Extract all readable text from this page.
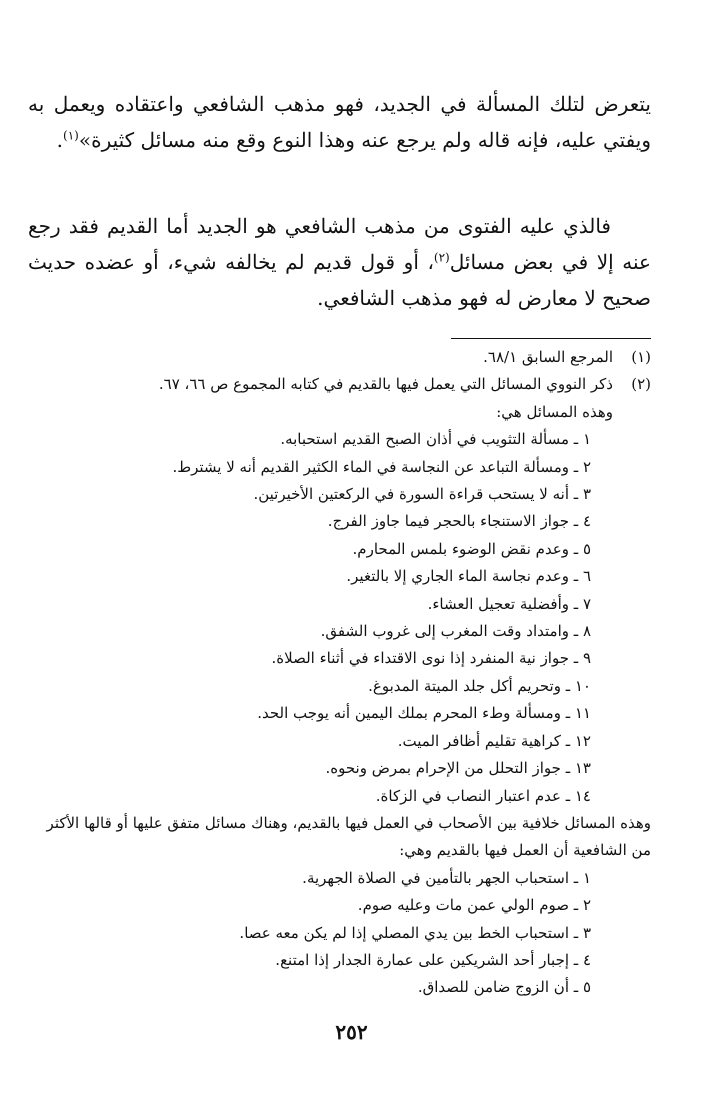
يتعرض لتلك المسألة في الجديد، فهو مذهب الشافعي واعتقاده ويعمل به ويفتي عليه، فإنه قاله ولم يرجع عنه وهذا النوع وقع منه مسائل كثيرة»$^{(١)}$.

  فالذي عليه الفتوى من مذهب الشافعي هو الجديد أما القديم فقد رجع عنه إلا في بعض مسائل$^{(٢)}$، أو قول قديم لم يخالفه شيء، أو عضده حديث صحيح لا معارض له فهو مذهب الشافعي.

(١)
المرجع السابق ٦٨/١.
(٢)
ذكر النووي المسائل التي يعمل فيها بالقديم في كتابه المجموع ص ٦٦، ٦٧.
وهذه المسائل هي:
١ ـ مسألة التثويب في أذان الصبح القديم استحبابه.
٢ ـ ومسألة التباعد عن النجاسة في الماء الكثير القديم أنه لا يشترط.
٣ ـ أنه لا يستحب قراءة السورة في الركعتين الأخيرتين.
٤ ـ جواز الاستنجاء بالحجر فيما جاوز الفرج.
٥ ـ وعدم نقض الوضوء بلمس المحارم.
٦ ـ وعدم نجاسة الماء الجاري إلا بالتغير.
٧ ـ وأفضلية تعجيل العشاء.
٨ ـ وامتداد وقت المغرب إلى غروب الشفق.
٩ ـ جواز نية المنفرد إذا نوى الاقتداء في أثناء الصلاة.
١٠ ـ وتحريم أكل جلد الميتة المدبوغ.
١١ ـ ومسألة وطء المحرم بملك اليمين أنه يوجب الحد.
١٢ ـ كراهية تقليم أظافر الميت.
١٣ ـ جواز التحلل من الإحرام بمرض ونحوه.
١٤ ـ عدم اعتبار النصاب في الزكاة.
وهذه المسائل خلافية بين الأصحاب في العمل فيها بالقديم، وهناك مسائل متفق عليها أو قالها الأكثر من الشافعية أن العمل فيها بالقديم وهي:
١ ـ استحباب الجهر بالتأمين في الصلاة الجهرية.
٢ ـ صوم الولي عمن مات وعليه صوم.
٣ ـ استحباب الخط بين يدي المصلي إذا لم يكن معه عصا.
٤ ـ إجبار أحد الشريكين على عمارة الجدار إذا امتنع.
٥ ـ أن الزوج ضامن للصداق.
٢٥٢
